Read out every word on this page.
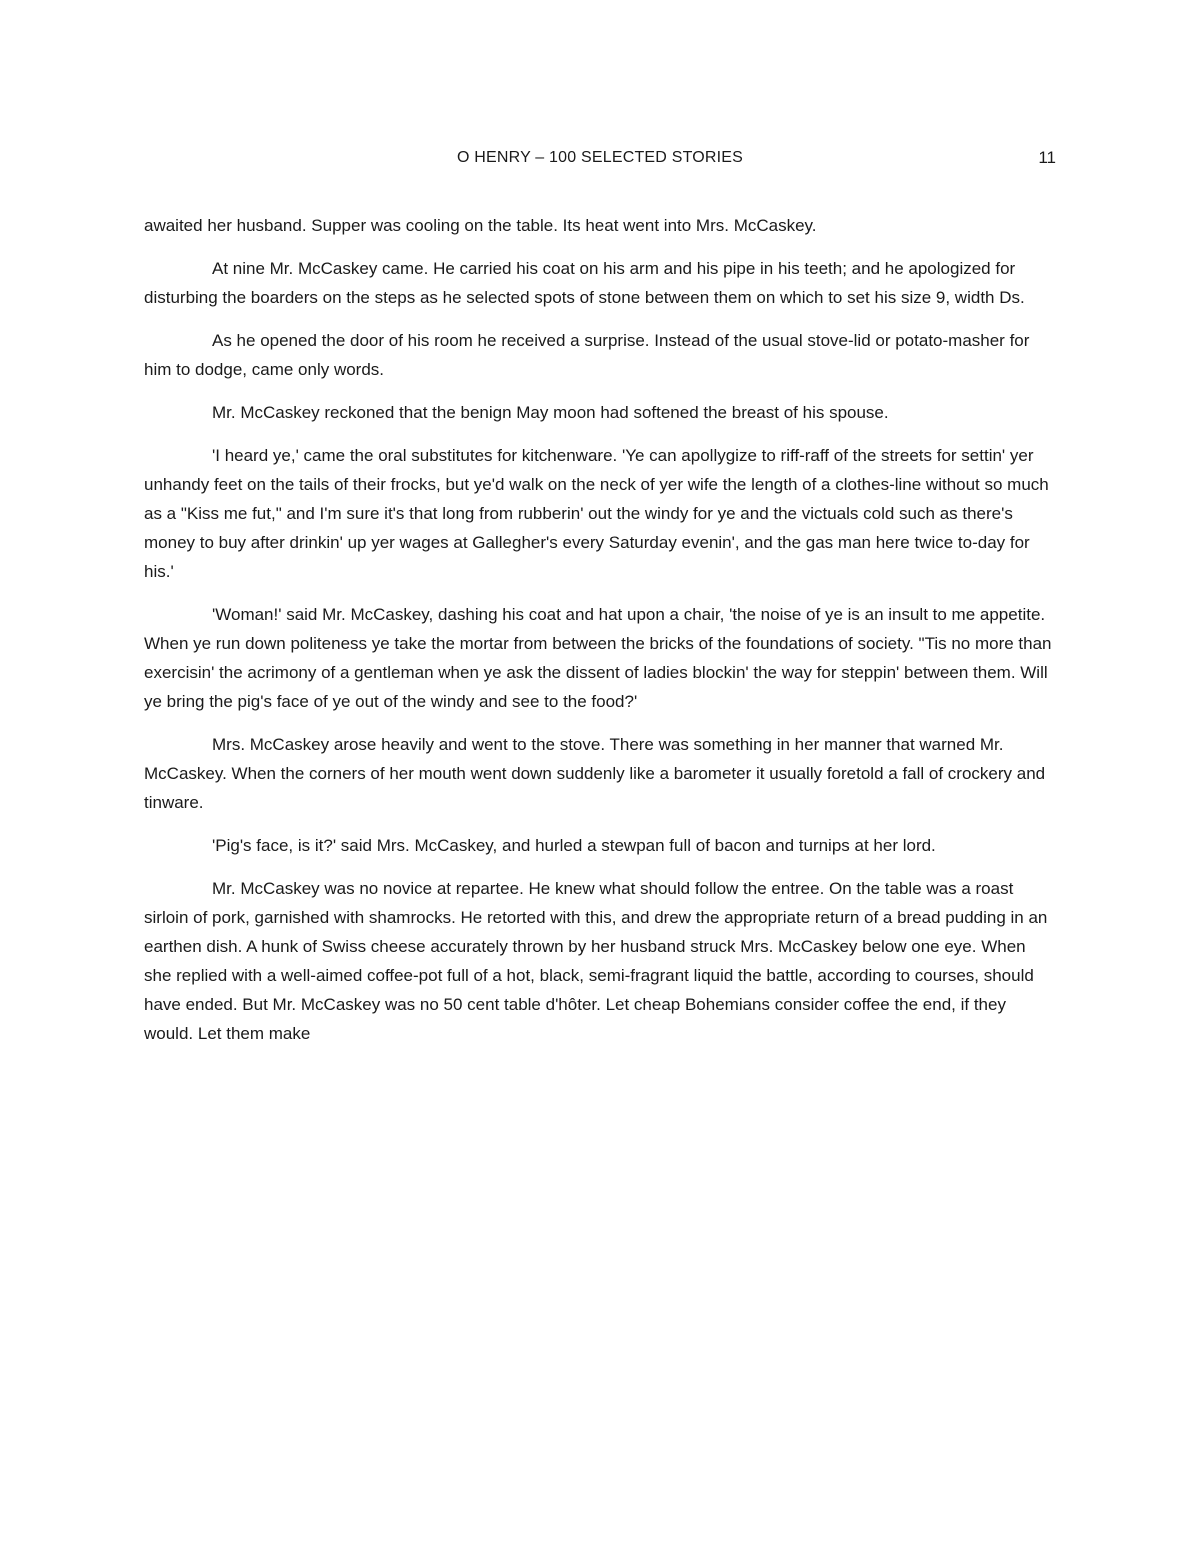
O HENRY – 100 SELECTED STORIES	11

awaited her husband. Supper was cooling on the table. Its heat went into Mrs. McCaskey.

At nine Mr. McCaskey came. He carried his coat on his arm and his pipe in his teeth; and he apologized for disturbing the boarders on the steps as he selected spots of stone between them on which to set his size 9, width Ds.

As he opened the door of his room he received a surprise. Instead of the usual stove-lid or potato-masher for him to dodge, came only words.

Mr. McCaskey reckoned that the benign May moon had softened the breast of his spouse.

'I heard ye,' came the oral substitutes for kitchenware. 'Ye can apollygize to riff-raff of the streets for settin' yer unhandy feet on the tails of their frocks, but ye'd walk on the neck of yer wife the length of a clothes-line without so much as a "Kiss me fut," and I'm sure it's that long from rubberin' out the windy for ye and the victuals cold such as there's money to buy after drinkin' up yer wages at Gallegher's every Saturday evenin', and the gas man here twice to-day for his.'

'Woman!' said Mr. McCaskey, dashing his coat and hat upon a chair, 'the noise of ye is an insult to me appetite. When ye run down politeness ye take the mortar from between the bricks of the foundations of society. "Tis no more than exercisin' the acrimony of a gentleman when ye ask the dissent of ladies blockin' the way for steppin' between them. Will ye bring the pig's face of ye out of the windy and see to the food?'

Mrs. McCaskey arose heavily and went to the stove. There was something in her manner that warned Mr. McCaskey. When the corners of her mouth went down suddenly like a barometer it usually foretold a fall of crockery and tinware.

'Pig's face, is it?' said Mrs. McCaskey, and hurled a stewpan full of bacon and turnips at her lord.

Mr. McCaskey was no novice at repartee. He knew what should follow the entree. On the table was a roast sirloin of pork, garnished with shamrocks. He retorted with this, and drew the appropriate return of a bread pudding in an earthen dish. A hunk of Swiss cheese accurately thrown by her husband struck Mrs. McCaskey below one eye. When she replied with a well-aimed coffee-pot full of a hot, black, semi-fragrant liquid the battle, according to courses, should have ended. But Mr. McCaskey was no 50 cent table d'hôter. Let cheap Bohemians consider coffee the end, if they would. Let them make
